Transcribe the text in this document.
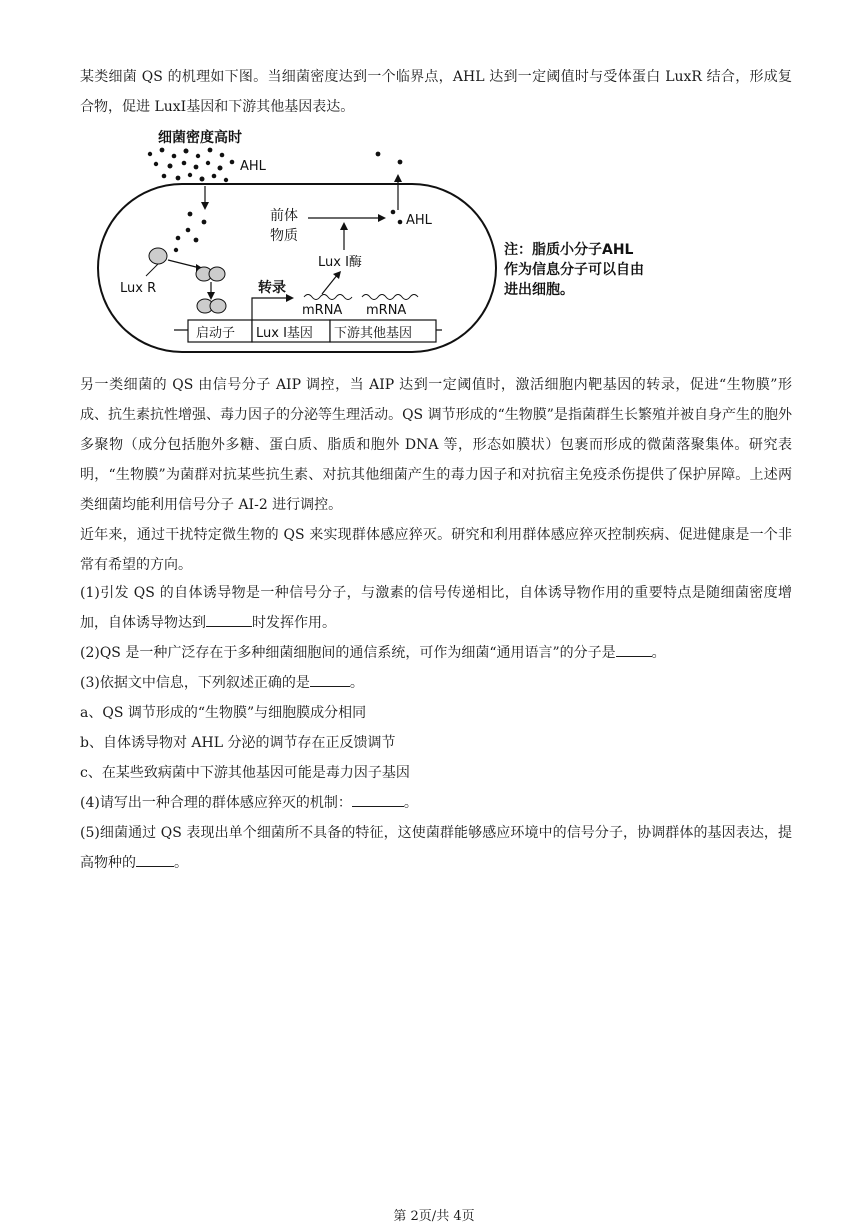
某类细菌 QS 的机理如下图。当细菌密度达到一个临界点，AHL 达到一定阈值时与受体蛋白 LuxR 结合，形成复合物，促进 LuxI基因和下游其他基因表达。

细菌密度高时
AHL
Lux R
前体
物质
AHL
Lux I酶
转录
mRNA mRNA
启动子 Lux I基因 下游其他基因
注：脂质小分子AHL
作为信息分子可以自由
进出细胞。

另一类细菌的 QS 由信号分子 AIP 调控，当 AIP 达到一定阈值时，激活细胞内靶基因的转录，促进“生物膜”形成、抗生素抗性增强、毒力因子的分泌等生理活动。QS 调节形成的“生物膜”是指菌群生长繁殖并被自身产生的胞外多聚物（成分包括胞外多糖、蛋白质、脂质和胞外 DNA 等，形态如膜状）包裹而形成的微菌落聚集体。研究表明，“生物膜”为菌群对抗某些抗生素、对抗其他细菌产生的毒力因子和对抗宿主免疫杀伤提供了保护屏障。上述两类细菌均能利用信号分子 AI-2 进行调控。

近年来，通过干扰特定微生物的 QS 来实现群体感应猝灭。研究和利用群体感应猝灭控制疾病、促进健康是一个非常有希望的方向。

(1)引发 QS 的自体诱导物是一种信号分子，与激素的信号传递相比，自体诱导物作用的重要特点是随细菌密度增加，自体诱导物达到	时发挥作用。

(2)QS 是一种广泛存在于多种细菌细胞间的通信系统，可作为细菌“通用语言”的分子是	。

(3)依据文中信息，下列叙述正确的是	。

a、QS 调节形成的“生物膜”与细胞膜成分相同

b、自体诱导物对 AHL 分泌的调节存在正反馈调节

c、在某些致病菌中下游其他基因可能是毒力因子基因

(4)请写出一种合理的群体感应猝灭的机制：	。

(5)细菌通过 QS 表现出单个细菌所不具备的特征，这使菌群能够感应环境中的信号分子，协调群体的基因表达，提高物种的	。

第 2页/共 4页
